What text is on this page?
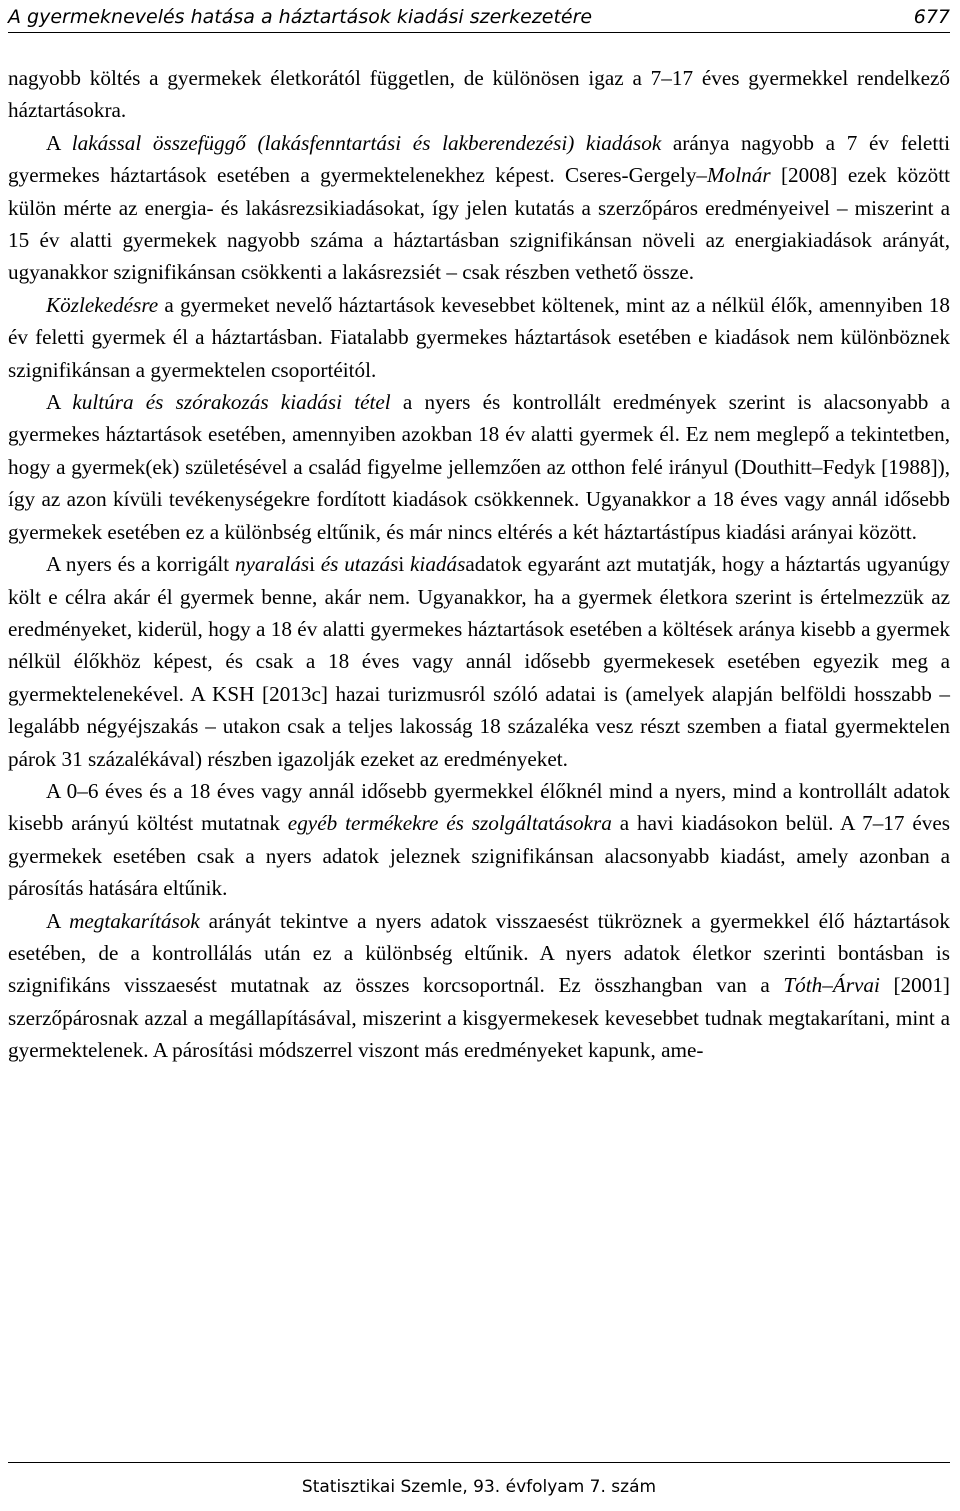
A gyermeknevelés hatása a háztartások kiadási szerkezetére	677

nagyobb költés a gyermekek életkorától független, de különösen igaz a 7–17 éves gyermekkel rendelkező háztartásokra.

A lakással összefüggő (lakásfenntartási és lakberendezési) kiadások aránya nagyobb a 7 év feletti gyermekes háztartások esetében a gyermektelenekhez képest. Cseres-Gergely–Molnár [2008] ezek között külön mérte az energia- és lakásrezsikiadásokat, így jelen kutatás a szerzőpáros eredményeivel – miszerint a 15 év alatti gyermekek nagyobb száma a háztartásban szignifikánsan növeli az energiakiadások arányát, ugyanakkor szignifikánsan csökkenti a lakásrezsiét – csak részben vethető össze.

Közlekedésre a gyermeket nevelő háztartások kevesebbet költenek, mint az a nélkül élők, amennyiben 18 év feletti gyermek él a háztartásban. Fiatalabb gyermekes háztartások esetében e kiadások nem különböznek szignifikánsan a gyermektelen csoportéitól.

A kultúra és szórakozás kiadási tétel a nyers és kontrollált eredmények szerint is alacsonyabb a gyermekes háztartások esetében, amennyiben azokban 18 év alatti gyermek él. Ez nem meglepő a tekintetben, hogy a gyermek(ek) születésével a család figyelme jellemzően az otthon felé irányul (Douthitt–Fedyk [1988]), így az azon kívüli tevékenységekre fordított kiadások csökkennek. Ugyanakkor a 18 éves vagy annál idősebb gyermekek esetében ez a különbség eltűnik, és már nincs eltérés a két háztartástípus kiadási arányai között.

A nyers és a korrigált nyaralási és utazási kiadásadatok egyaránt azt mutatják, hogy a háztartás ugyanúgy költ e célra akár él gyermek benne, akár nem. Ugyanakkor, ha a gyermek életkora szerint is értelmezzük az eredményeket, kiderül, hogy a 18 év alatti gyermekes háztartások esetében a költések aránya kisebb a gyermek nélkül élőkhöz képest, és csak a 18 éves vagy annál idősebb gyermekesek esetében egyezik meg a gyermektelenekével. A KSH [2013c] hazai turizmusról szóló adatai is (amelyek alapján belföldi hosszabb – legalább négyéjszakás – utakon csak a teljes lakosság 18 százaléka vesz részt szemben a fiatal gyermektelen párok 31 százalékával) részben igazolják ezeket az eredményeket.

A 0–6 éves és a 18 éves vagy annál idősebb gyermekkel élőknél mind a nyers, mind a kontrollált adatok kisebb arányú költést mutatnak egyéb termékekre és szolgáltatásokra a havi kiadásokon belül. A 7–17 éves gyermekek esetében csak a nyers adatok jeleznek szignifikánsan alacsonyabb kiadást, amely azonban a párosítás hatására eltűnik.

A megtakarítások arányát tekintve a nyers adatok visszaesést tükröznek a gyermekkel élő háztartások esetében, de a kontrollálás után ez a különbség eltűnik. A nyers adatok életkor szerinti bontásban is szignifikáns visszaesést mutatnak az összes korcsoportnál. Ez összhangban van a Tóth–Árvai [2001] szerzőpárosnak azzal a megállapításával, miszerint a kisgyermekesek kevesebbet tudnak megtakarítani, mint a gyermektelenek. A párosítási módszerrel viszont más eredményeket kapunk, ame-

Statisztikai Szemle, 93. évfolyam 7. szám
